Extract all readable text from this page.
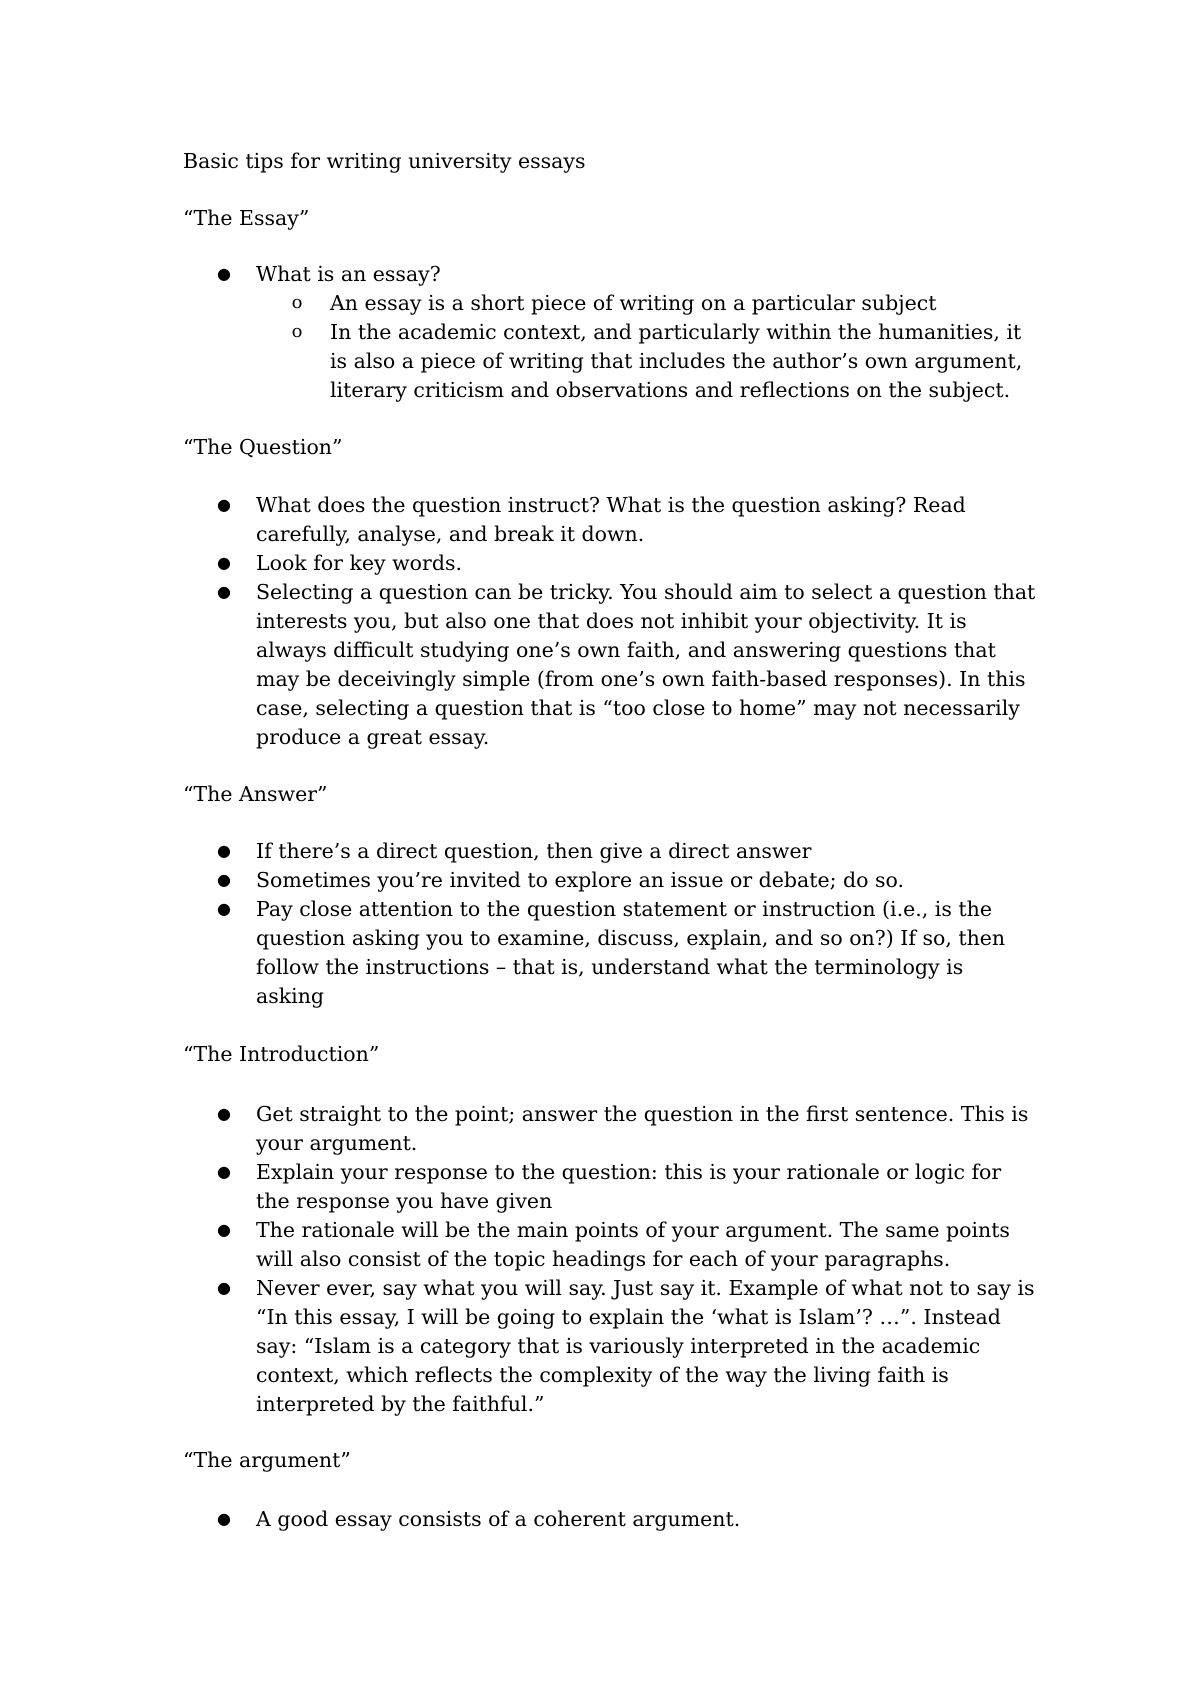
Basic tips for writing university essays
“The Essay”
● What is an essay?
o An essay is a short piece of writing on a particular subject
o In the academic context, and particularly within the humanities, it
is also a piece of writing that includes the author’s own argument,
literary criticism and observations and reflections on the subject.
“The Question”
● What does the question instruct? What is the question asking? Read
carefully, analyse, and break it down.
● Look for key words.
● Selecting a question can be tricky. You should aim to select a question that
interests you, but also one that does not inhibit your objectivity. It is
always difficult studying one’s own faith, and answering questions that
may be deceivingly simple (from one’s own faith-based responses). In this
case, selecting a question that is “too close to home” may not necessarily
produce a great essay.
“The Answer”
● If there’s a direct question, then give a direct answer
● Sometimes you’re invited to explore an issue or debate; do so.
● Pay close attention to the question statement or instruction (i.e., is the
question asking you to examine, discuss, explain, and so on?) If so, then
follow the instructions – that is, understand what the terminology is
asking
“The Introduction”
● Get straight to the point; answer the question in the first sentence. This is
your argument.
● Explain your response to the question: this is your rationale or logic for
the response you have given
● The rationale will be the main points of your argument. The same points
will also consist of the topic headings for each of your paragraphs.
● Never ever, say what you will say. Just say it. Example of what not to say is
“In this essay, I will be going to explain the ‘what is Islam’? …”. Instead
say: “Islam is a category that is variously interpreted in the academic
context, which reflects the complexity of the way the living faith is
interpreted by the faithful.”
“The argument”
● A good essay consists of a coherent argument.
